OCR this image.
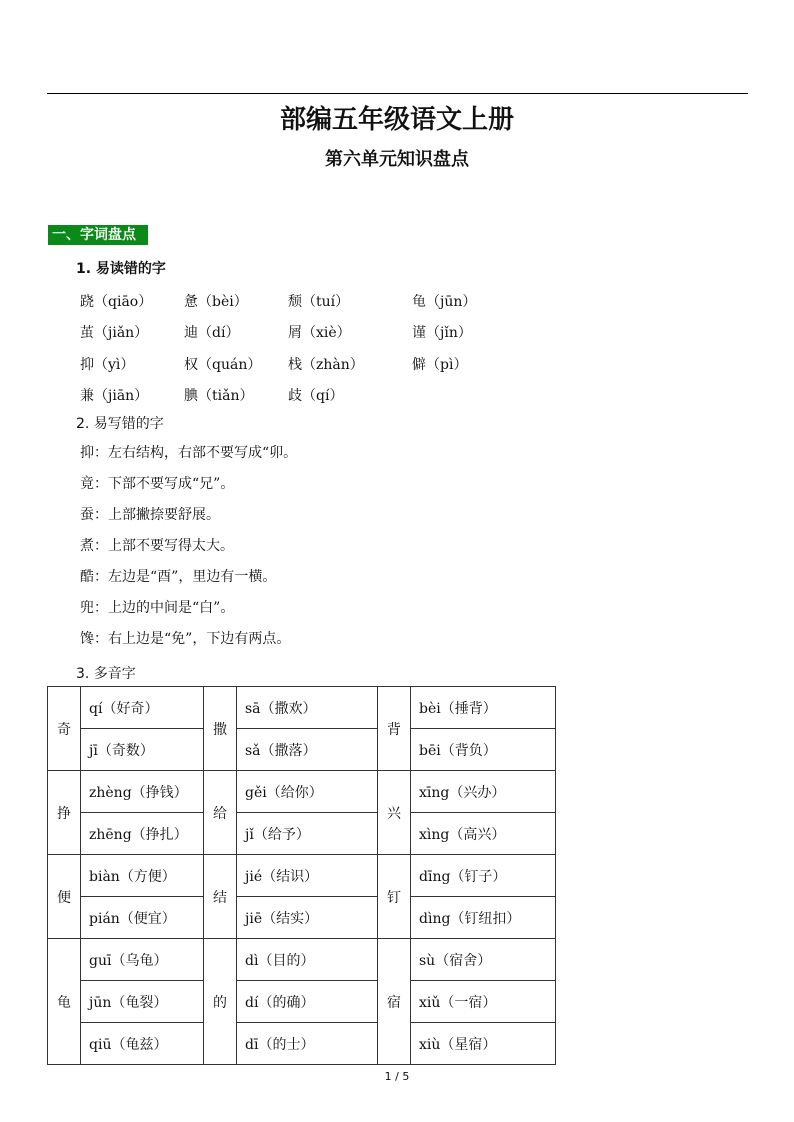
部编五年级语文上册
第六单元知识盘点
一、字词盘点
1. 易读错的字
跷（qiāo）	惫（bèi）	颓（tuí）	龟（jūn）
茧（jiǎn）	迪（dí）	屑（xiè）	谨（jǐn）
抑（yì）	权（quán）	栈（zhàn）	僻（pì）
兼（jiān）	腆（tiǎn）	歧（qí）
2. 易写错的字
抑：左右结构，右部不要写成“卯。
竟：下部不要写成“兄”。
蚕：上部撇捺要舒展。
煮：上部不要写得太大。
酷：左边是“酉”，里边有一横。
兜：上边的中间是“白”。
馋：右上边是“免”，下边有两点。
3. 多音字
奇	qí（好奇）	撒	sā（撒欢）	背	bèi（捶背）
	jī（奇数）		sǎ（撒落）		bēi（背负）
挣	zhèng（挣钱）	给	gěi（给你）	兴	xīng（兴办）
	zhēng（挣扎）		jǐ（给予）		xìng（高兴）
便	biàn（方便）	结	jié（结识）	钉	dīng（钉子）
	pián（便宜）		jiē（结实）		dìng（钉纽扣）
龟	guī（乌龟）	的	dì（目的）	宿	sù（宿舍）
	jūn（龟裂）		dí（的确）		xiǔ（一宿）
	qiū（龟兹）		dī（的士）		xiù（星宿）
1 / 5
